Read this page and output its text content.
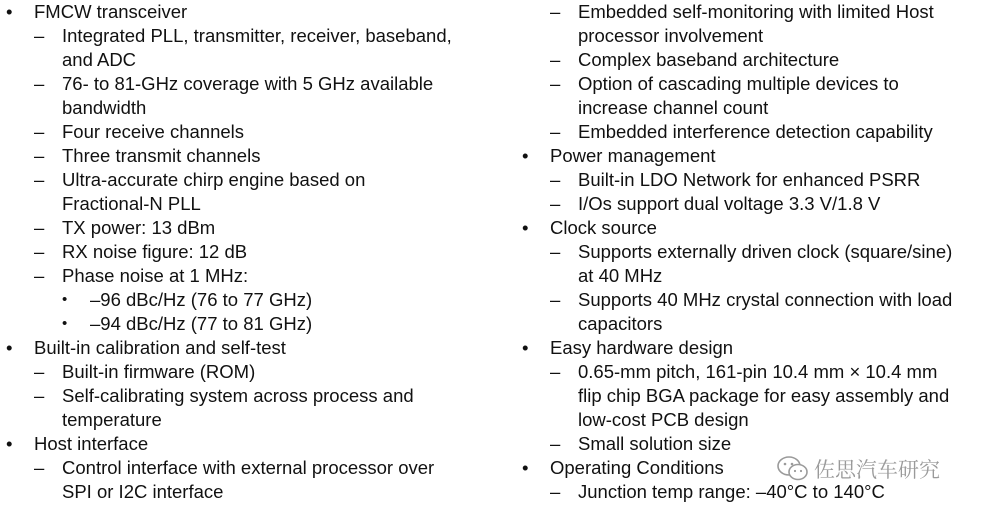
• FMCW transceiver
– Integrated PLL, transmitter, receiver, baseband,
and ADC
– 76- to 81-GHz coverage with 5 GHz available
bandwidth
– Four receive channels
– Three transmit channels
– Ultra-accurate chirp engine based on
Fractional-N PLL
– TX power: 13 dBm
– RX noise figure: 12 dB
– Phase noise at 1 MHz:
• –96 dBc/Hz (76 to 77 GHz)
• –94 dBc/Hz (77 to 81 GHz)
• Built-in calibration and self-test
– Built-in firmware (ROM)
– Self-calibrating system across process and
temperature
• Host interface
– Control interface with external processor over
SPI or I2C interface
– Embedded self-monitoring with limited Host
processor involvement
– Complex baseband architecture
– Option of cascading multiple devices to
increase channel count
– Embedded interference detection capability
• Power management
– Built-in LDO Network for enhanced PSRR
– I/Os support dual voltage 3.3 V/1.8 V
• Clock source
– Supports externally driven clock (square/sine)
at 40 MHz
– Supports 40 MHz crystal connection with load
capacitors
• Easy hardware design
– 0.65-mm pitch, 161-pin 10.4 mm × 10.4 mm
flip chip BGA package for easy assembly and
low-cost PCB design
– Small solution size
• Operating Conditions
– Junction temp range: –40°C to 140°C
佐思汽车研究
